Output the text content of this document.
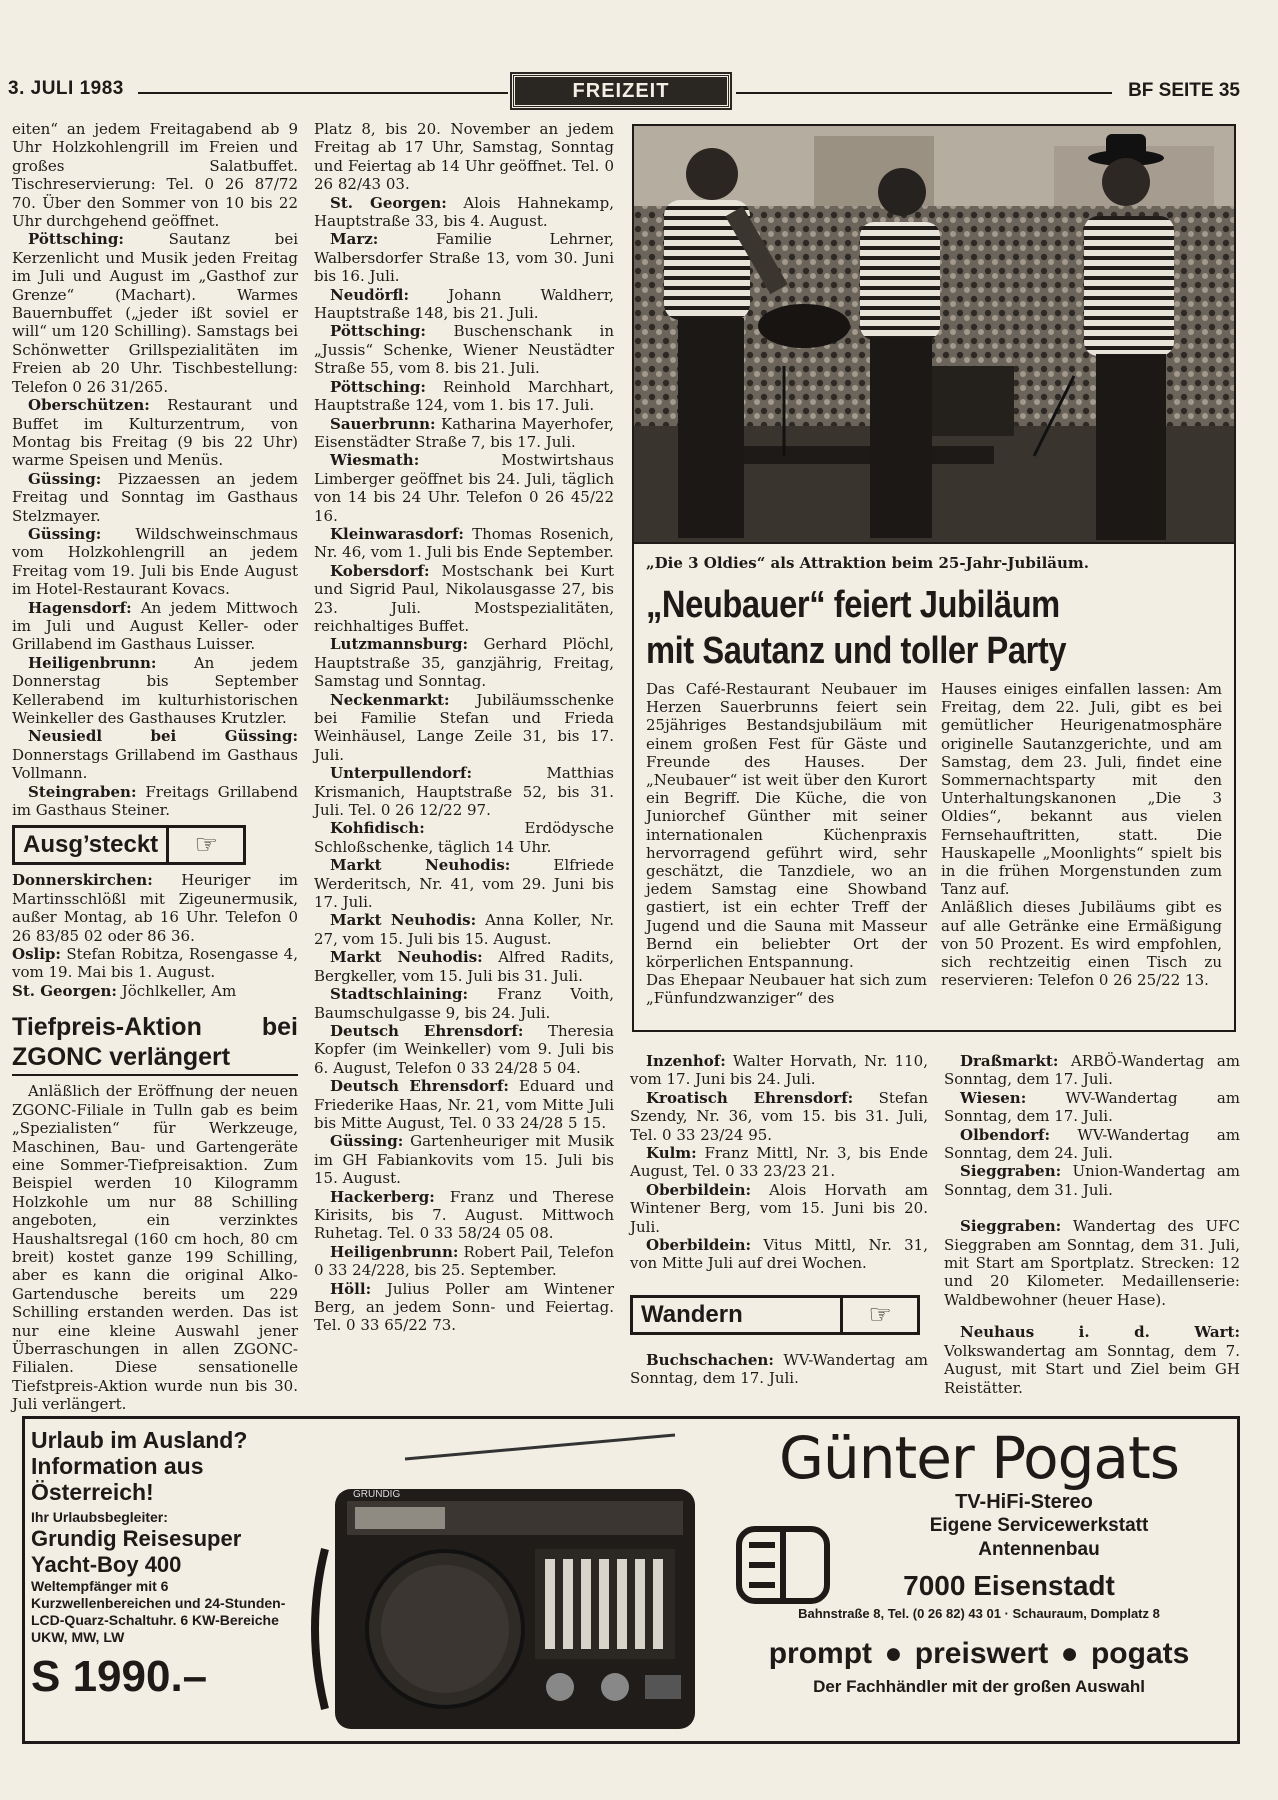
3. JULI 1983	FREIZEIT	BF SEITE 35

eiten“ an jedem Freitagabend ab 9 Uhr Holzkohlengrill im Freien und großes Salatbuffet. Tischreservierung: Tel. 0 26 87/72 70. Über den Sommer von 10 bis 22 Uhr durchgehend geöffnet.

Pöttsching: Sautanz bei Kerzenlicht und Musik jeden Freitag im Juli und August im „Gasthof zur Grenze“ (Machart). Warmes Bauernbuffet („jeder ißt soviel er will“ um 120 Schilling). Samstags bei Schönwetter Grillspezialitäten im Freien ab 20 Uhr. Tischbestellung: Telefon 0 26 31/265.

Oberschützen: Restaurant und Buffet im Kulturzentrum, von Montag bis Freitag (9 bis 22 Uhr) warme Speisen und Menüs.

Güssing: Pizzaessen an jedem Freitag und Sonntag im Gasthaus Stelzmayer.

Güssing: Wildschweinschmaus vom Holzkohlengrill an jedem Freitag vom 19. Juli bis Ende August im Hotel-Restaurant Kovacs.

Hagensdorf: An jedem Mittwoch im Juli und August Keller- oder Grillabend im Gasthaus Luisser.

Heiligenbrunn: An jedem Donnerstag bis September Kellerabend im kulturhistorischen Weinkeller des Gasthauses Krutzler.

Neusiedl bei Güssing: Donnerstags Grillabend im Gasthaus Vollmann.

Steingraben: Freitags Grillabend im Gasthaus Steiner.

Ausg’steckt	☞

Donnerskirchen: Heuriger im Martinsschlößl mit Zigeunermusik, außer Montag, ab 16 Uhr. Telefon 0 26 83/85 02 oder 86 36.

Oslip: Stefan Robitza, Rosengasse 4, vom 19. Mai bis 1. August.

St. Georgen: Jöchlkeller, Am

Tiefpreis-Aktion bei ZGONC verlängert

Anläßlich der Eröffnung der neuen ZGONC-Filiale in Tulln gab es beim „Spezialisten“ für Werkzeuge, Maschinen, Bau- und Gartengeräte eine Sommer-Tiefpreisaktion. Zum Beispiel werden 10 Kilogramm Holzkohle um nur 88 Schilling angeboten, ein verzinktes Haushaltsregal (160 cm hoch, 80 cm breit) kostet ganze 199 Schilling, aber es kann die original Alko-Gartendusche bereits um 229 Schilling erstanden werden. Das ist nur eine kleine Auswahl jener Überraschungen in allen ZGONC-Filialen. Diese sensationelle Tiefstpreis-Aktion wurde nun bis 30. Juli verlängert.

Platz 8, bis 20. November an jedem Freitag ab 17 Uhr, Samstag, Sonntag und Feiertag ab 14 Uhr geöffnet. Tel. 0 26 82/43 03.

St. Georgen: Alois Hahnekamp, Hauptstraße 33, bis 4. August.

Marz: Familie Lehrner, Walbersdorfer Straße 13, vom 30. Juni bis 16. Juli.

Neudörfl: Johann Waldherr, Hauptstraße 148, bis 21. Juli.

Pöttsching: Buschenschank in „Jussis“ Schenke, Wiener Neustädter Straße 55, vom 8. bis 21. Juli.

Pöttsching: Reinhold Marchhart, Hauptstraße 124, vom 1. bis 17. Juli.

Sauerbrunn: Katharina Mayerhofer, Eisenstädter Straße 7, bis 17. Juli.

Wiesmath: Mostwirtshaus Limberger geöffnet bis 24. Juli, täglich von 14 bis 24 Uhr. Telefon 0 26 45/22 16.

Kleinwarasdorf: Thomas Rosenich, Nr. 46, vom 1. Juli bis Ende September.

Kobersdorf: Mostschank bei Kurt und Sigrid Paul, Nikolausgasse 27, bis 23. Juli. Mostspezialitäten, reichhaltiges Buffet.

Lutzmannsburg: Gerhard Plöchl, Hauptstraße 35, ganzjährig, Freitag, Samstag und Sonntag.

Neckenmarkt: Jubiläumsschenke bei Familie Stefan und Frieda Weinhäusel, Lange Zeile 31, bis 17. Juli.

Unterpullendorf: Matthias Krismanich, Hauptstraße 52, bis 31. Juli. Tel. 0 26 12/22 97.

Kohfidisch: Erdödysche Schloßschenke, täglich 14 Uhr.

Markt Neuhodis: Elfriede Werderitsch, Nr. 41, vom 29. Juni bis 17. Juli.

Markt Neuhodis: Anna Koller, Nr. 27, vom 15. Juli bis 15. August.

Markt Neuhodis: Alfred Radits, Bergkeller, vom 15. Juli bis 31. Juli.

Stadtschlaining: Franz Voith, Baumschulgasse 9, bis 24. Juli.

Deutsch Ehrensdorf: Theresia Kopfer (im Weinkeller) vom 9. Juli bis 6. August, Telefon 0 33 24/28 5 04.

Deutsch Ehrensdorf: Eduard und Friederike Haas, Nr. 21, vom Mitte Juli bis Mitte August, Tel. 0 33 24/28 5 15.

Güssing: Gartenheuriger mit Musik im GH Fabiankovits vom 15. Juli bis 15. August.

Hackerberg: Franz und Therese Kirisits, bis 7. August. Mittwoch Ruhetag. Tel. 0 33 58/24 05 08.

Heiligenbrunn: Robert Pail, Telefon 0 33 24/228, bis 25. September.

Höll: Julius Poller am Wintener Berg, an jedem Sonn- und Feiertag. Tel. 0 33 65/22 73.

„Die 3 Oldies“ als Attraktion beim 25-Jahr-Jubiläum.
„Neubauer“ feiert Jubiläum
mit Sautanz und toller Party

Das Café-Restaurant Neubauer im Herzen Sauerbrunns feiert sein 25jähriges Bestandsjubiläum mit einem großen Fest für Gäste und Freunde des Hauses. Der „Neubauer“ ist weit über den Kurort ein Begriff. Die Küche, die von Juniorchef Günther mit seiner internationalen Küchenpraxis hervorragend geführt wird, sehr geschätzt, die Tanzdiele, wo an jedem Samstag eine Showband gastiert, ist ein echter Treff der Jugend und die Sauna mit Masseur Bernd ein beliebter Ort der körperlichen Entspannung.

Das Ehepaar Neubauer hat sich zum „Fünfundzwanziger“ des

Hauses einiges einfallen lassen: Am Freitag, dem 22. Juli, gibt es bei gemütlicher Heurigenatmosphäre originelle Sautanzgerichte, und am Samstag, dem 23. Juli, findet eine Sommernachtsparty mit den Unterhaltungskanonen „Die 3 Oldies“, bekannt aus vielen Fernsehauftritten, statt. Die Hauskapelle „Moonlights“ spielt bis in die frühen Morgenstunden zum Tanz auf.

Anläßlich dieses Jubiläums gibt es auf alle Getränke eine Ermäßigung von 50 Prozent. Es wird empfohlen, sich rechtzeitig einen Tisch zu reservieren: Telefon 0 26 25/22 13.

Inzenhof: Walter Horvath, Nr. 110, vom 17. Juni bis 24. Juli.

Kroatisch Ehrensdorf: Stefan Szendy, Nr. 36, vom 15. bis 31. Juli, Tel. 0 33 23/24 95.

Kulm: Franz Mittl, Nr. 3, bis Ende August, Tel. 0 33 23/23 21.

Oberbildein: Alois Horvath am Wintener Berg, vom 15. Juni bis 20. Juli.

Oberbildein: Vitus Mittl, Nr. 31, von Mitte Juli auf drei Wochen.

Wandern	☞

Buchschachen: WV-Wandertag am Sonntag, dem 17. Juli.

Draßmarkt: ARBÖ-Wandertag am Sonntag, dem 17. Juli.

Wiesen: WV-Wandertag am Sonntag, dem 17. Juli.

Olbendorf: WV-Wandertag am Sonntag, dem 24. Juli.

Sieggraben: Union-Wandertag am Sonntag, dem 31. Juli.

Sieggraben: Wandertag des UFC Sieggraben am Sonntag, dem 31. Juli, mit Start am Sportplatz. Strecken: 12 und 20 Kilometer. Medaillenserie: Waldbewohner (heuer Hase).

Neuhaus i. d. Wart: Volkswandertag am Sonntag, dem 7. August, mit Start und Ziel beim GH Reistätter.

Urlaub im Ausland? Information aus Österreich!
Ihr Urlaubsbegleiter:
Grundig Reisesuper Yacht-Boy 400
Weltempfänger mit 6 Kurzwellenbereichen und 24-Stunden-LCD-Quarz-Schaltuhr. 6 KW-Bereiche UKW, MW, LW
S 1990.–
GRUNDIG
Günter Pogats
TV-HiFi-Stereo
Eigene Servicewerkstatt
Antennenbau
7000 Eisenstadt
Bahnstraße 8, Tel. (0 26 82) 43 01 · Schauraum, Domplatz 8
prompt ● preiswert ● pogats
Der Fachhändler mit der großen Auswahl
